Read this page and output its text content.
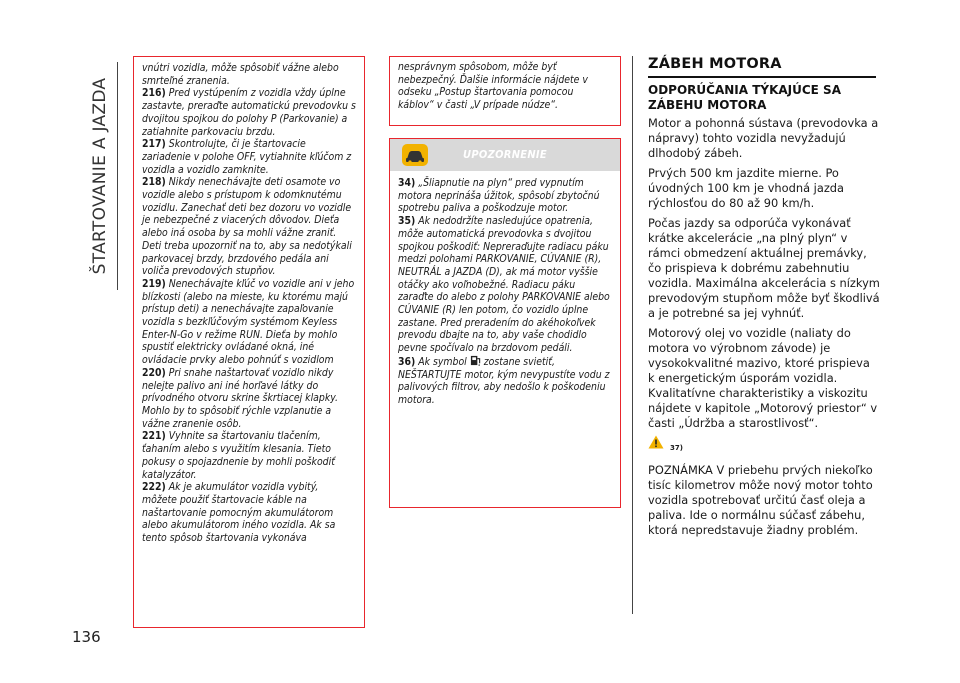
ŠTARTOVANIE A JAZDA
136

vnútri vozidla, môže spôsobiť vážne alebo smrteľné zranenia.

216) Pred vystúpením z vozidla vždy úplne zastavte, preraďte automatickú prevodovku s dvojitou spojkou do polohy P (Parkovanie) a zatiahnite parkovaciu brzdu.

217) Skontrolujte, či je štartovacie zariadenie v polohe OFF, vytiahnite kľúčom z vozidla a vozidlo zamknite.

218) Nikdy nenechávajte deti osamote vo vozidle alebo s prístupom k odomknutému vozidlu. Zanechať deti bez dozoru vo vozidle je nebezpečné z viacerých dôvodov. Dieťa alebo iná osoba by sa mohli vážne zraniť. Deti treba upozorniť na to, aby sa nedotýkali parkovacej brzdy, brzdového pedála ani voliča prevodových stupňov.

219) Nenechávajte kľúč vo vozidle ani v jeho blízkosti (alebo na mieste, ku ktorému majú prístup deti) a nenechávajte zapaľovanie vozidla s bezkľúčovým systémom Keyless Enter-N-Go v režime RUN. Dieťa by mohlo spustiť elektricky ovládané okná, iné ovládacie prvky alebo pohnúť s vozidlom

220) Pri snahe naštartovať vozidlo nikdy nelejte palivo ani iné horľavé látky do prívodného otvoru skrine škrtiacej klapky. Mohlo by to spôsobiť rýchle vzplanutie a vážne zranenie osôb.

221) Vyhnite sa štartovaniu tlačením, ťahaním alebo s využitím klesania. Tieto pokusy o spojazdnenie by mohli poškodiť katalyzátor.

222) Ak je akumulátor vozidla vybitý, môžete použiť štartovacie káble na naštartovanie pomocným akumulátorom alebo akumulátorom iného vozidla. Ak sa tento spôsob štartovania vykonáva

nesprávnym spôsobom, môže byť nebezpečný. Ďalšie informácie nájdete v odseku „Postup štartovania pomocou káblov“ v časti „V prípade núdze“.

UPOZORNENIE

34) „Šliapnutie na plyn“ pred vypnutím motora neprináša úžitok, spôsobí zbytočnú spotrebu paliva a poškodzuje motor.

35) Ak nedodržíte nasledujúce opatrenia, môže automatická prevodovka s dvojitou spojkou poškodiť: Nepreraďujte radiacu páku medzi polohami PARKOVANIE, CÚVANIE (R), NEUTRÁL a JAZDA (D), ak má motor vyššie otáčky ako voľnobežné. Radiacu páku zaraďte do alebo z polohy PARKOVANIE alebo CÚVANIE (R) len potom, čo vozidlo úplne zastane. Pred preradením do akéhokoľvek prevodu dbajte na to, aby vaše chodidlo pevne spočívalo na brzdovom pedáli.

36) Ak symbol zostane svietiť, NEŠTARTUJTE motor, kým nevypustíte vodu z palivových filtrov, aby nedošlo k poškodeniu motora.

ZÁBEH MOTORA
ODPORÚČANIA TÝKAJÚCE SA ZÁBEHU MOTORA

Motor a pohonná sústava (prevodovka a nápravy) tohto vozidla nevyžadujú dlhodobý zábeh.

Prvých 500 km jazdite mierne. Po úvodných 100 km je vhodná jazda rýchlosťou do 80 až 90 km/h.

Počas jazdy sa odporúča vykonávať krátke akcelerácie „na plný plyn“ v rámci obmedzení aktuálnej premávky, čo prispieva k dobrému zabehnutiu vozidla. Maximálna akcelerácia s nízkym prevodovým stupňom môže byť škodlivá a je potrebné sa jej vyhnúť.

Motorový olej vo vozidle (naliaty do motora vo výrobnom závode) je vysokokvalitné mazivo, ktoré prispieva k energetickým úsporám vozidla. Kvalitatívne charakteristiky a viskozitu nájdete v kapitole „Motorový priestor“ v časti „Údržba a starostlivosť“.

37)

POZNÁMKA V priebehu prvých niekoľko tisíc kilometrov môže nový motor tohto vozidla spotrebovať určitú časť oleja a paliva. Ide o normálnu súčasť zábehu, ktorá nepredstavuje žiadny problém.
